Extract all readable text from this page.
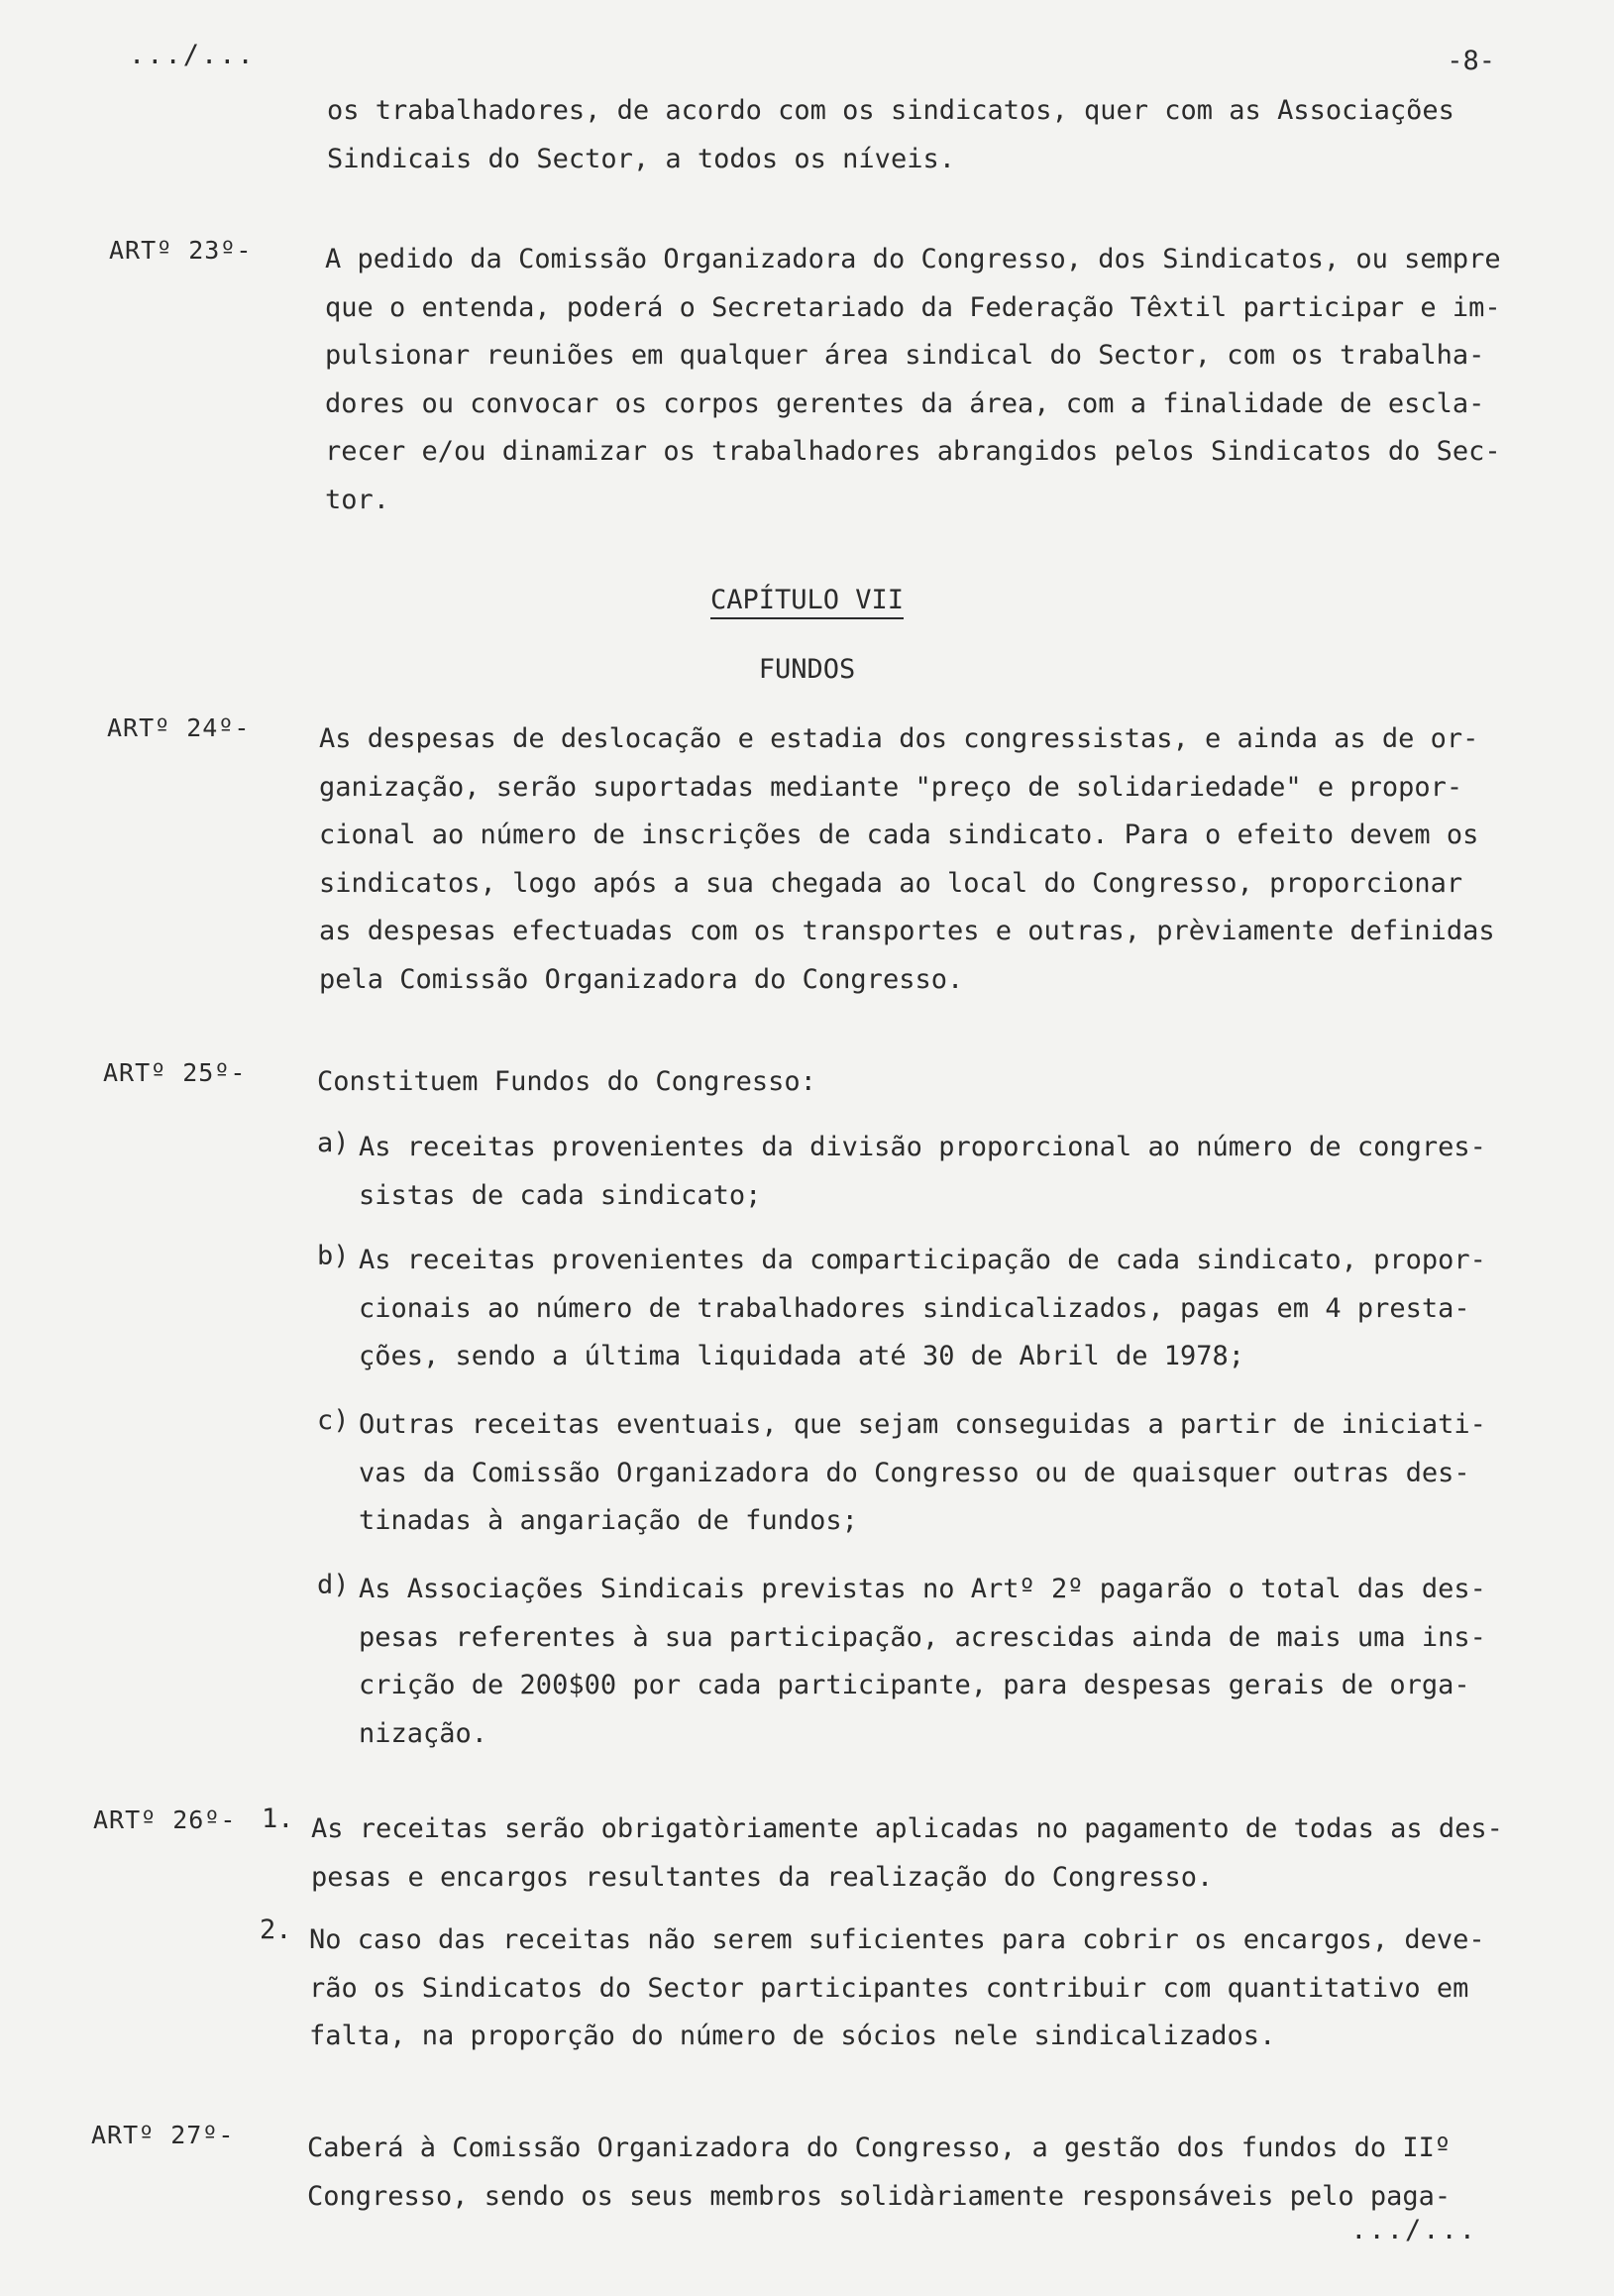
.../...	-8-
os trabalhadores, de acordo com os sindicatos, quer com as Associações
Sindicais do Sector, a todos os níveis.
ARTº 23º-	A pedido da Comissão Organizadora do Congresso, dos Sindicatos, ou sempre
que o entenda, poderá o Secretariado da Federação Têxtil participar e im-
pulsionar reuniões em qualquer área sindical do Sector, com os trabalha-
dores ou convocar os corpos gerentes da área, com a finalidade de escla-
recer e/ou dinamizar os trabalhadores abrangidos pelos Sindicatos do Sec-
tor.
CAPÍTULO VII
FUNDOS
ARTº 24º-	As despesas de deslocação e estadia dos congressistas, e ainda as de or-
ganização, serão suportadas mediante "preço de solidariedade" e propor-
cional ao número de inscrições de cada sindicato. Para o efeito devem os
sindicatos, logo após a sua chegada ao local do Congresso, proporcionar
as despesas efectuadas com os transportes e outras, prèviamente definidas
pela Comissão Organizadora do Congresso.
ARTº 25º-	Constituem Fundos do Congresso:
a) As receitas provenientes da divisão proporcional ao número de congres-
sistas de cada sindicato;
b) As receitas provenientes da comparticipação de cada sindicato, propor-
cionais ao número de trabalhadores sindicalizados, pagas em 4 presta-
ções, sendo a última liquidada até 30 de Abril de 1978;
c) Outras receitas eventuais, que sejam conseguidas a partir de iniciati-
vas da Comissão Organizadora do Congresso ou de quaisquer outras des-
tinadas à angariação de fundos;
d) As Associações Sindicais previstas no Artº 2º pagarão o total das des-
pesas referentes à sua participação, acrescidas ainda de mais uma ins-
crição de 200$00 por cada participante, para despesas gerais de orga-
nização.
ARTº 26º- 1. As receitas serão obrigatòriamente aplicadas no pagamento de todas as des-
pesas e encargos resultantes da realização do Congresso.
2. No caso das receitas não serem suficientes para cobrir os encargos, deve-
rão os Sindicatos do Sector participantes contribuir com quantitativo em
falta, na proporção do número de sócios nele sindicalizados.
ARTº 27º-	Caberá à Comissão Organizadora do Congresso, a gestão dos fundos do IIº
Congresso, sendo os seus membros solidàriamente responsáveis pelo paga-
.../...
